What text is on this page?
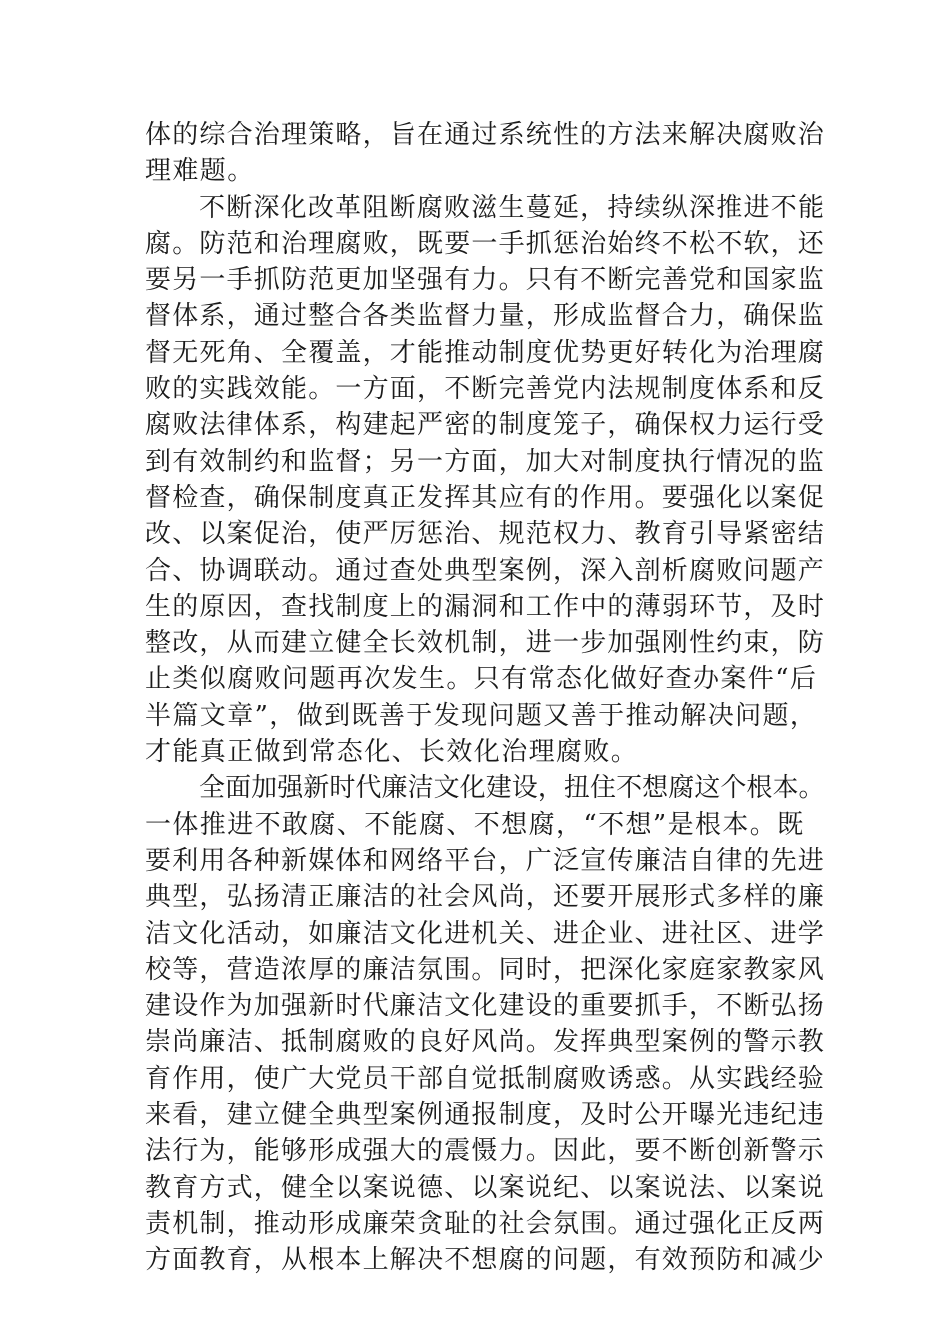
体的综合治理策略，旨在通过系统性的方法来解决腐败治
理难题。
不断深化改革阻断腐败滋生蔓延，持续纵深推进不能
腐。防范和治理腐败，既要一手抓惩治始终不松不软，还
要另一手抓防范更加坚强有力。只有不断完善党和国家监
督体系，通过整合各类监督力量，形成监督合力，确保监
督无死角、全覆盖，才能推动制度优势更好转化为治理腐
败的实践效能。一方面，不断完善党内法规制度体系和反
腐败法律体系，构建起严密的制度笼子，确保权力运行受
到有效制约和监督；另一方面，加大对制度执行情况的监
督检查，确保制度真正发挥其应有的作用。要强化以案促
改、以案促治，使严厉惩治、规范权力、教育引导紧密结
合、协调联动。通过查处典型案例，深入剖析腐败问题产
生的原因，查找制度上的漏洞和工作中的薄弱环节，及时
整改，从而建立健全长效机制，进一步加强刚性约束，防
止类似腐败问题再次发生。只有常态化做好查办案件“后
半篇文章”，做到既善于发现问题又善于推动解决问题，
才能真正做到常态化、长效化治理腐败。
全面加强新时代廉洁文化建设，扭住不想腐这个根本。
一体推进不敢腐、不能腐、不想腐，“不想”是根本。既
要利用各种新媒体和网络平台，广泛宣传廉洁自律的先进
典型，弘扬清正廉洁的社会风尚，还要开展形式多样的廉
洁文化活动，如廉洁文化进机关、进企业、进社区、进学
校等，营造浓厚的廉洁氛围。同时，把深化家庭家教家风
建设作为加强新时代廉洁文化建设的重要抓手，不断弘扬
崇尚廉洁、抵制腐败的良好风尚。发挥典型案例的警示教
育作用，使广大党员干部自觉抵制腐败诱惑。从实践经验
来看，建立健全典型案例通报制度，及时公开曝光违纪违
法行为，能够形成强大的震慑力。因此，要不断创新警示
教育方式，健全以案说德、以案说纪、以案说法、以案说
责机制，推动形成廉荣贪耻的社会氛围。通过强化正反两
方面教育，从根本上解决不想腐的问题，有效预防和减少
